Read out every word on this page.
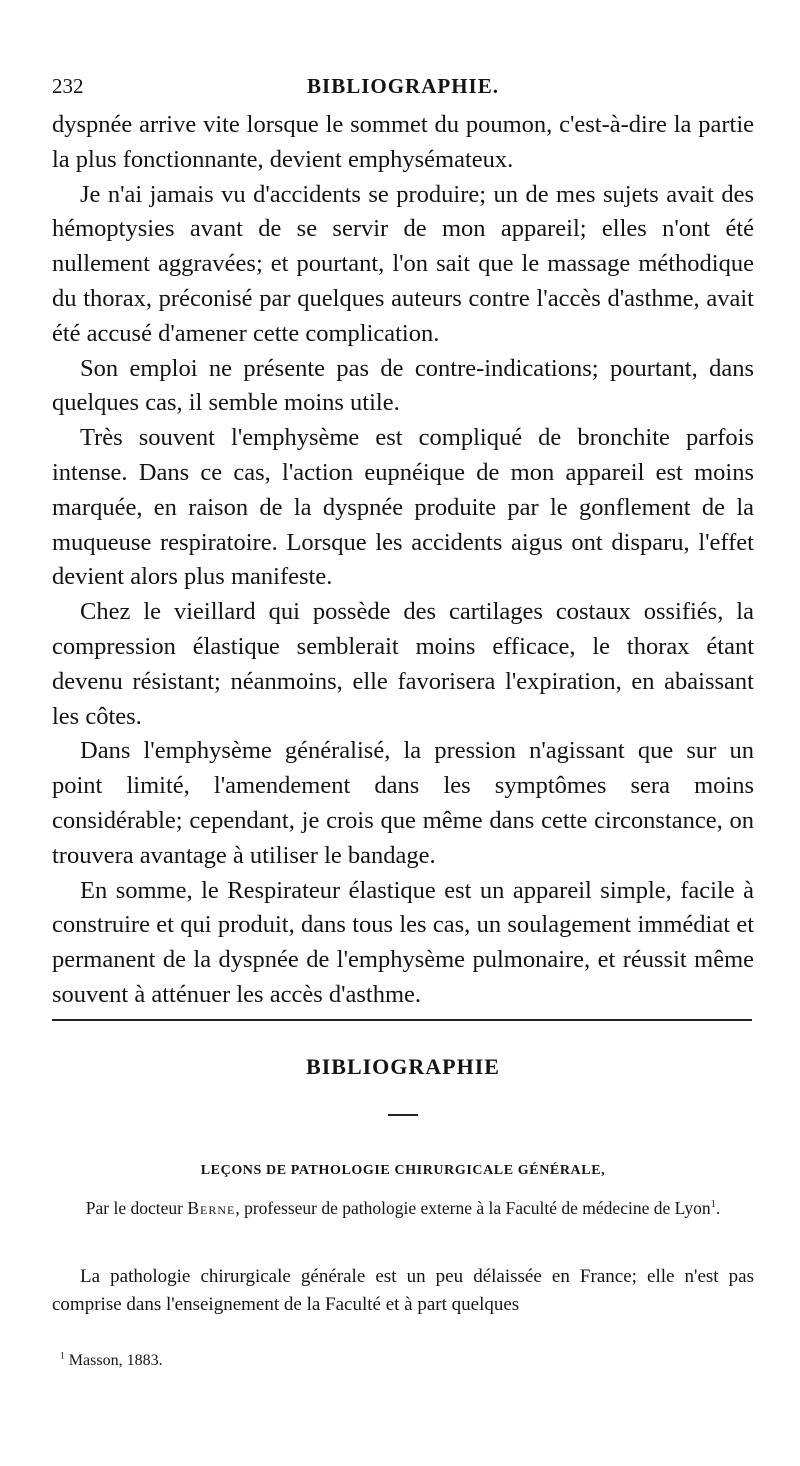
232	BIBLIOGRAPHIE.

dyspnée arrive vite lorsque le sommet du poumon, c'est-à-dire la partie la plus fonctionnante, devient emphysémateux.

Je n'ai jamais vu d'accidents se produire; un de mes sujets avait des hémoptysies avant de se servir de mon appareil; elles n'ont été nullement aggravées; et pourtant, l'on sait que le massage méthodique du thorax, préconisé par quelques auteurs contre l'accès d'asthme, avait été accusé d'amener cette complication.

Son emploi ne présente pas de contre-indications; pourtant, dans quelques cas, il semble moins utile.

Très souvent l'emphysème est compliqué de bronchite parfois intense. Dans ce cas, l'action eupnéique de mon appareil est moins marquée, en raison de la dyspnée produite par le gonflement de la muqueuse respiratoire. Lorsque les accidents aigus ont disparu, l'effet devient alors plus manifeste.

Chez le vieillard qui possède des cartilages costaux ossifiés, la compression élastique semblerait moins efficace, le thorax étant devenu résistant; néanmoins, elle favorisera l'expiration, en abaissant les côtes.

Dans l'emphysème généralisé, la pression n'agissant que sur un point limité, l'amendement dans les symptômes sera moins considérable; cependant, je crois que même dans cette circonstance, on trouvera avantage à utiliser le bandage.

En somme, le Respirateur élastique est un appareil simple, facile à construire et qui produit, dans tous les cas, un soulagement immédiat et permanent de la dyspnée de l'emphysème pulmonaire, et réussit même souvent à atténuer les accès d'asthme.

BIBLIOGRAPHIE
LEÇONS DE PATHOLOGIE CHIRURGICALE GÉNÉRALE,
Par le docteur Berne, professeur de pathologie externe à la Faculté de médecine de Lyon$^1$.

La pathologie chirurgicale générale est un peu délaissée en France; elle n'est pas comprise dans l'enseignement de la Faculté et à part quelques

$^1$ Masson, 1883.
